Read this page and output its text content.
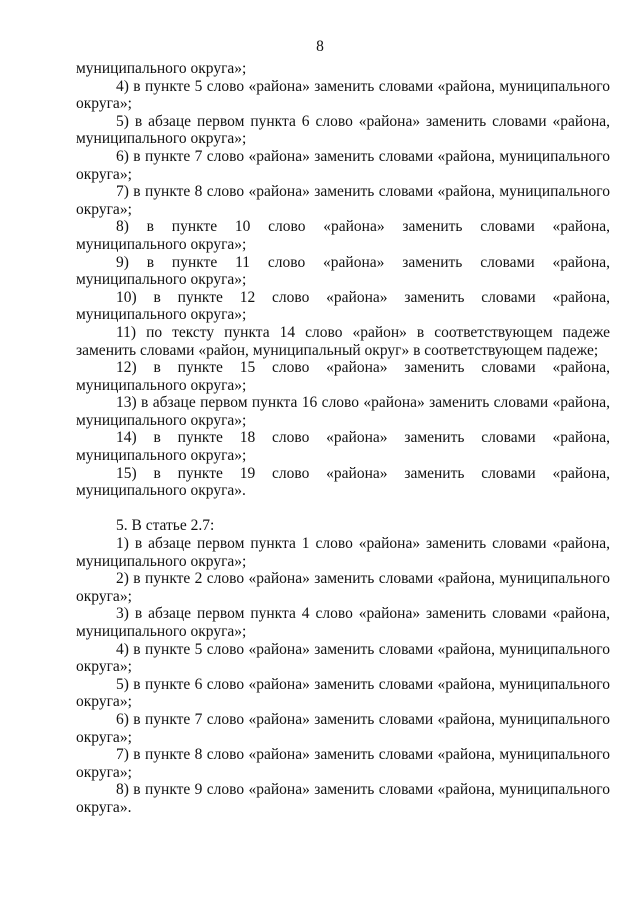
8

муниципального округа»;

4) в пункте 5 слово «района» заменить словами «района, муниципального округа»;

5) в абзаце первом пункта 6 слово «района» заменить словами «района, муниципального округа»;

6) в пункте 7 слово «района» заменить словами «района, муниципального округа»;

7) в пункте 8 слово «района» заменить словами «района, муниципального округа»;

8) в пункте 10 слово «района» заменить словами «района, муниципального округа»;

9) в пункте 11 слово «района» заменить словами «района, муниципального округа»;

10) в пункте 12 слово «района» заменить словами «района, муниципального округа»;

11) по тексту пункта 14 слово «район» в соответствующем падеже заменить словами «район, муниципальный округ» в соответствующем падеже;

12) в пункте 15 слово «района» заменить словами «района, муниципального округа»;

13) в абзаце первом пункта 16 слово «района» заменить словами «района, муниципального округа»;

14) в пункте 18 слово «района» заменить словами «района, муниципального округа»;

15) в пункте 19 слово «района» заменить словами «района, муниципального округа».

5. В статье 2.7:

1) в абзаце первом пункта 1 слово «района» заменить словами «района, муниципального округа»;

2) в пункте 2 слово «района» заменить словами «района, муниципального округа»;

3) в абзаце первом пункта 4 слово «района» заменить словами «района, муниципального округа»;

4) в пункте 5 слово «района» заменить словами «района, муниципального округа»;

5) в пункте 6 слово «района» заменить словами «района, муниципального округа»;

6) в пункте 7 слово «района» заменить словами «района, муниципального округа»;

7) в пункте 8 слово «района» заменить словами «района, муниципального округа»;

8) в пункте 9 слово «района» заменить словами «района, муниципального округа».
